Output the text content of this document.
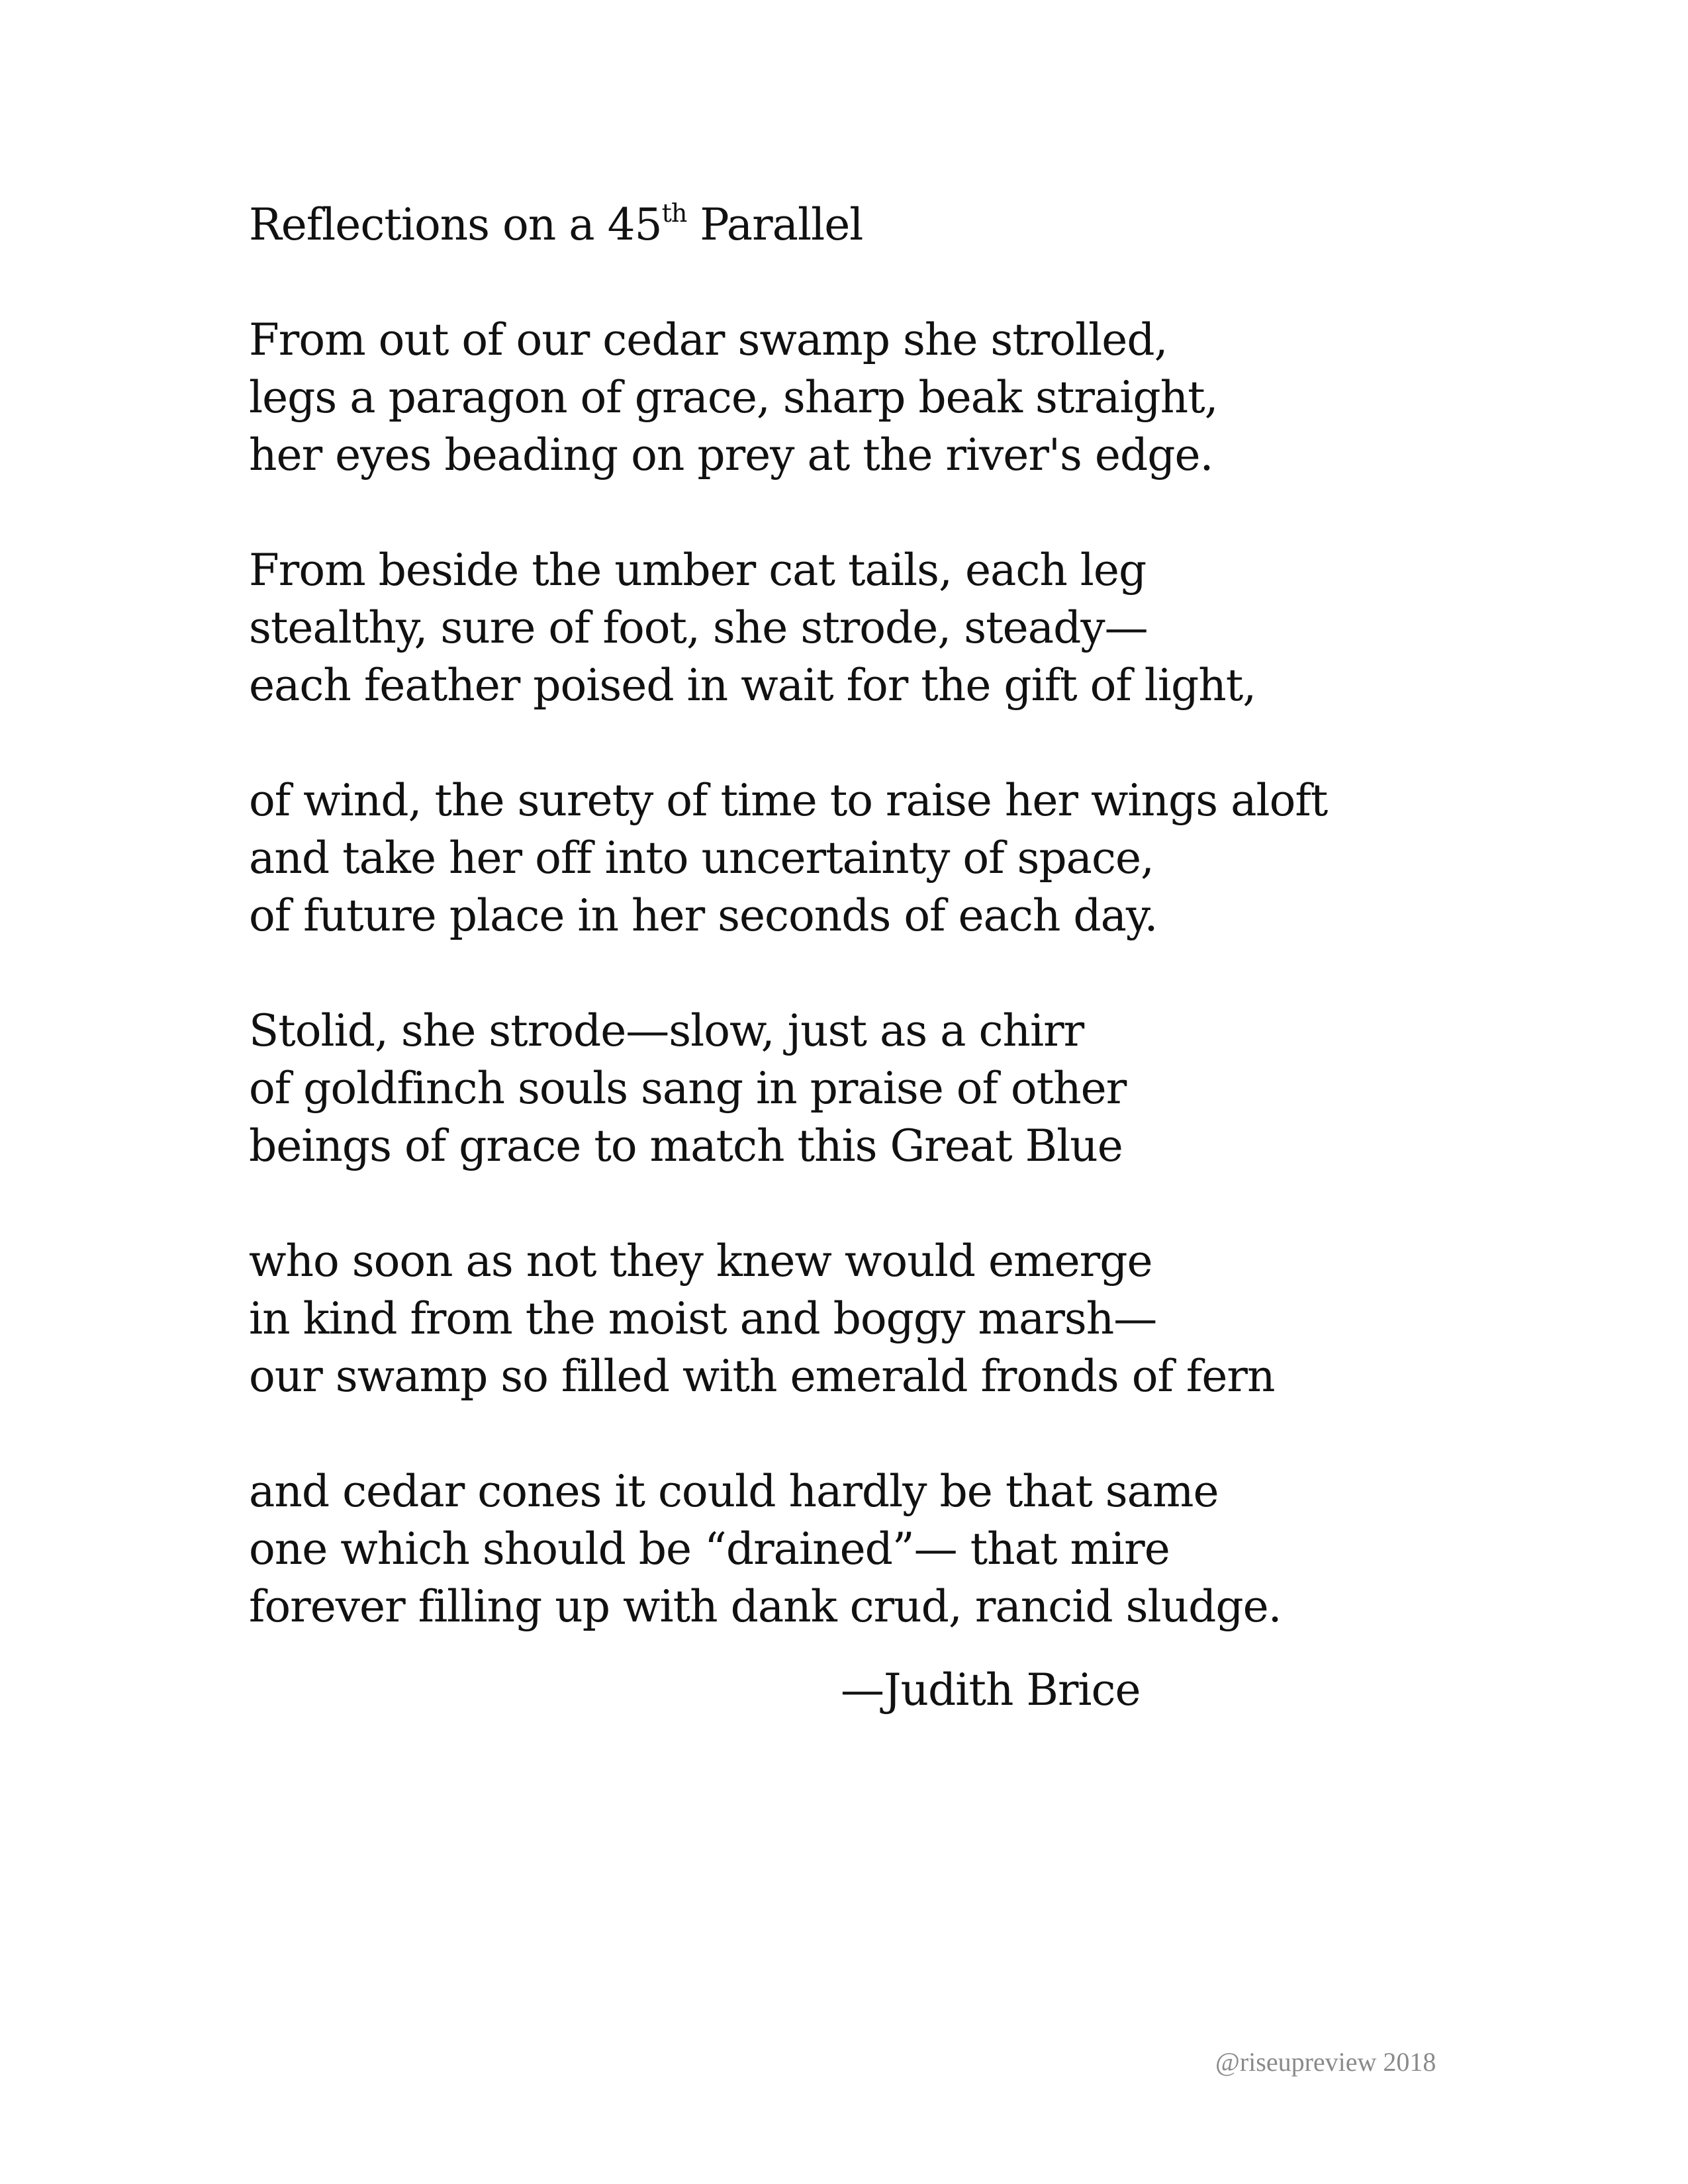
Reflections on a 45th Parallel
From out of our cedar swamp she strolled,
legs a paragon of grace, sharp beak straight,
her eyes beading on prey at the river's edge.
From beside the umber cat tails, each leg
stealthy, sure of foot, she strode, steady—
each feather poised in wait for the gift of light,
of wind, the surety of time to raise her wings aloft
and take her off into uncertainty of space,
of future place in her seconds of each day.
Stolid, she strode—slow, just as a chirr
of goldfinch souls sang in praise of other
beings of grace to match this Great Blue
who soon as not they knew would emerge
in kind from the moist and boggy marsh—
our swamp so filled with emerald fronds of fern
and cedar cones it could hardly be that same
one which should be “drained”— that mire
forever filling up with dank crud, rancid sludge.
—Judith Brice
@riseupreview 2018
